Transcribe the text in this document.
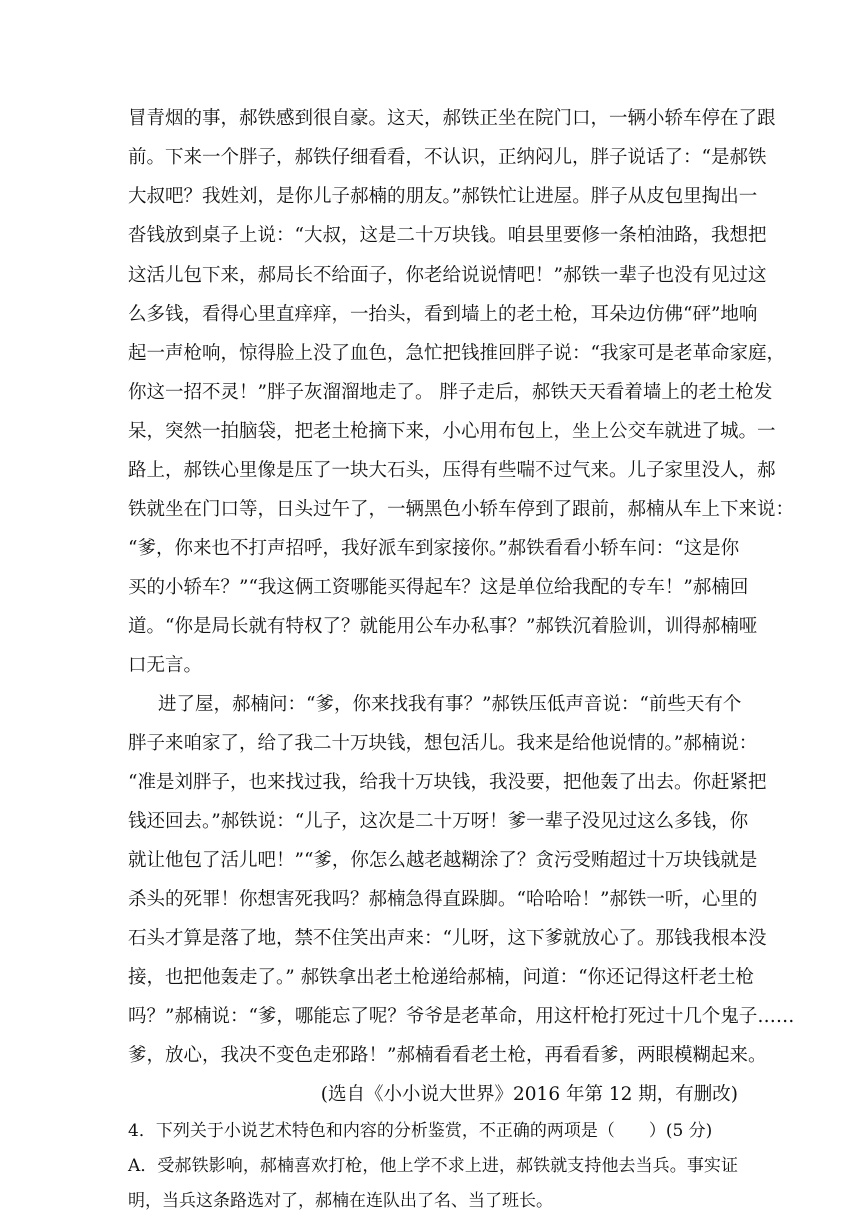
冒青烟的事，郝铁感到很自豪。这天，郝铁正坐在院门口，一辆小轿车停在了跟
前。下来一个胖子，郝铁仔细看看，不认识，正纳闷儿，胖子说话了：“是郝铁
大叔吧？我姓刘，是你儿子郝楠的朋友。”郝铁忙让进屋。胖子从皮包里掏出一
沓钱放到桌子上说：“大叔，这是二十万块钱。咱县里要修一条柏油路，我想把
这活儿包下来，郝局长不给面子，你老给说说情吧！”郝铁一辈子也没有见过这
么多钱，看得心里直痒痒，一抬头，看到墙上的老土枪，耳朵边仿佛“砰”地响
起一声枪响，惊得脸上没了血色，急忙把钱推回胖子说：“我家可是老革命家庭，
你这一招不灵！”胖子灰溜溜地走了。 胖子走后，郝铁天天看着墙上的老土枪发
呆，突然一拍脑袋，把老土枪摘下来，小心用布包上，坐上公交车就进了城。一
路上，郝铁心里像是压了一块大石头，压得有些喘不过气来。儿子家里没人，郝
铁就坐在门口等，日头过午了，一辆黑色小轿车停到了跟前，郝楠从车上下来说：
“爹，你来也不打声招呼，我好派车到家接你。”郝铁看看小轿车问：“这是你
买的小轿车？”“我这俩工资哪能买得起车？这是单位给我配的专车！”郝楠回
道。“你是局长就有特权了？就能用公车办私事？”郝铁沉着脸训，训得郝楠哑
口无言。
进了屋，郝楠问：“爹，你来找我有事？”郝铁压低声音说：“前些天有个
胖子来咱家了，给了我二十万块钱，想包活儿。我来是给他说情的。”郝楠说：
“准是刘胖子，也来找过我，给我十万块钱，我没要，把他轰了出去。你赶紧把
钱还回去。”郝铁说：“儿子，这次是二十万呀！爹一辈子没见过这么多钱，你
就让他包了活儿吧！”“爹，你怎么越老越糊涂了？贪污受贿超过十万块钱就是
杀头的死罪！你想害死我吗？郝楠急得直跺脚。“哈哈哈！”郝铁一听，心里的
石头才算是落了地，禁不住笑出声来：“儿呀，这下爹就放心了。那钱我根本没
接，也把他轰走了。” 郝铁拿出老土枪递给郝楠，问道：“你还记得这杆老土枪
吗？”郝楠说：“爹，哪能忘了呢？爷爷是老革命，用这杆枪打死过十几个鬼子……
爹，放心，我决不变色走邪路！”郝楠看看老土枪，再看看爹，两眼模糊起来。
(选自《小小说大世界》2016 年第 12 期，有删改)
4．下列关于小说艺术特色和内容的分析鉴赏，不正确的两项是（　　）(5 分)
A．受郝铁影响，郝楠喜欢打枪，他上学不求上进，郝铁就支持他去当兵。事实证
明，当兵这条路选对了，郝楠在连队出了名、当了班长。
